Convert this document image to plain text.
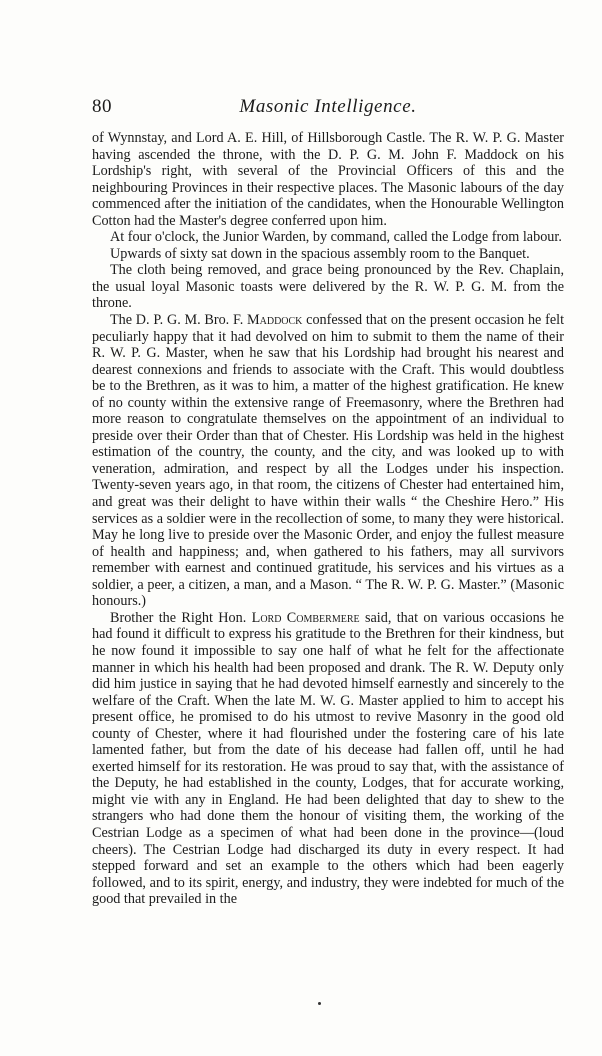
80	Masonic Intelligence.

of Wynnstay, and Lord A. E. Hill, of Hillsborough Castle. The R. W. P. G. Master having ascended the throne, with the D. P. G. M. John F. Maddock on his Lordship's right, with several of the Provincial Officers of this and the neighbouring Provinces in their respective places. The Masonic labours of the day commenced after the initiation of the candidates, when the Honourable Wellington Cotton had the Master's degree conferred upon him.

At four o'clock, the Junior Warden, by command, called the Lodge from labour.

Upwards of sixty sat down in the spacious assembly room to the Banquet.

The cloth being removed, and grace being pronounced by the Rev. Chaplain, the usual loyal Masonic toasts were delivered by the R. W. P. G. M. from the throne.

The D. P. G. M. Bro. F. Maddock confessed that on the present occasion he felt peculiarly happy that it had devolved on him to submit to them the name of their R. W. P. G. Master, when he saw that his Lordship had brought his nearest and dearest connexions and friends to associate with the Craft. This would doubtless be to the Brethren, as it was to him, a matter of the highest gratification. He knew of no county within the extensive range of Freemasonry, where the Brethren had more reason to congratulate themselves on the appointment of an individual to preside over their Order than that of Chester. His Lordship was held in the highest estimation of the country, the county, and the city, and was looked up to with veneration, admiration, and respect by all the Lodges under his inspection. Twenty-seven years ago, in that room, the citizens of Chester had entertained him, and great was their delight to have within their walls “ the Cheshire Hero.” His services as a soldier were in the recollection of some, to many they were historical. May he long live to preside over the Masonic Order, and enjoy the fullest measure of health and happiness; and, when gathered to his fathers, may all survivors remember with earnest and continued gratitude, his services and his virtues as a soldier, a peer, a citizen, a man, and a Mason. “ The R. W. P. G. Master.” (Masonic honours.)

Brother the Right Hon. Lord Combermere said, that on various occasions he had found it difficult to express his gratitude to the Brethren for their kindness, but he now found it impossible to say one half of what he felt for the affectionate manner in which his health had been proposed and drank. The R. W. Deputy only did him justice in saying that he had devoted himself earnestly and sincerely to the welfare of the Craft. When the late M. W. G. Master applied to him to accept his present office, he promised to do his utmost to revive Masonry in the good old county of Chester, where it had flourished under the fostering care of his late lamented father, but from the date of his decease had fallen off, until he had exerted himself for its restoration. He was proud to say that, with the assistance of the Deputy, he had established in the county, Lodges, that for accurate working, might vie with any in England. He had been delighted that day to shew to the strangers who had done them the honour of visiting them, the working of the Cestrian Lodge as a specimen of what had been done in the province—(loud cheers). The Cestrian Lodge had discharged its duty in every respect. It had stepped forward and set an example to the others which had been eagerly followed, and to its spirit, energy, and industry, they were indebted for much of the good that prevailed in the
